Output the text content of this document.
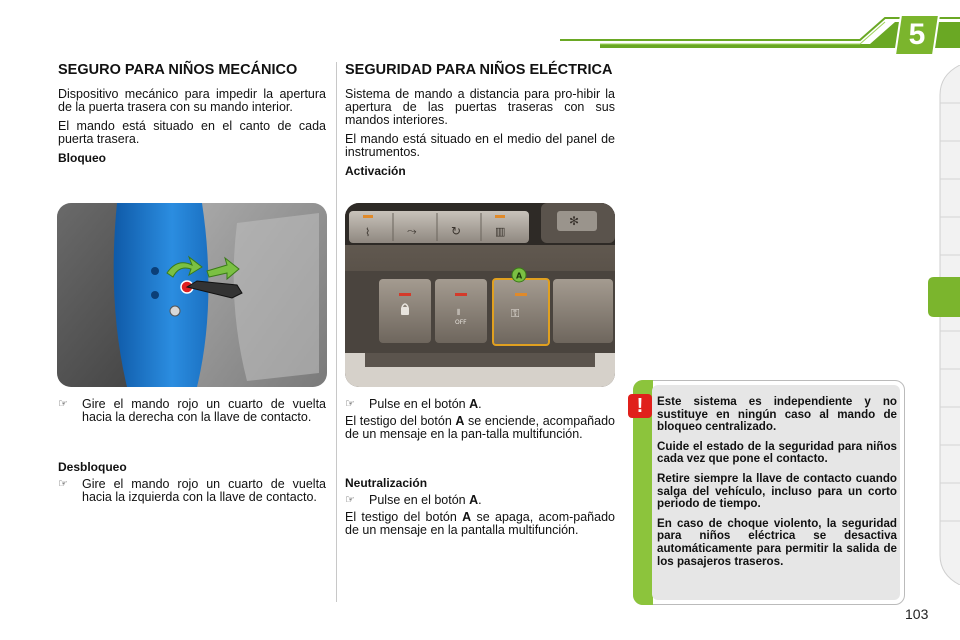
SEGURIDAD de los NIÑOS	5
SEGURO PARA NIÑOS MECÁNICO

Dispositivo mecánico para impedir la apertura de la puerta trasera con su mando interior.

El mando está situado en el canto de cada puerta trasera.

Bloqueo
☞	Gire el mando rojo un cuarto de vuelta hacia la derecha con la llave de contacto.
Desbloqueo
☞	Gire el mando rojo un cuarto de vuelta hacia la izquierda con la llave de contacto.
SEGURIDAD PARA NIÑOS ELÉCTRICA

Sistema de mando a distancia para pro-hibir la apertura de las puertas traseras con sus mandos interiores.

El mando está situado en el medio del panel de instrumentos.

Activación
☞	Pulse en el botón A.

El testigo del botón A se enciende, acompañado de un mensaje en la pan-talla multifunción.

Neutralización
☞	Pulse en el botón A.

El testigo del botón A se apaga, acom-pañado de un mensaje en la pantalla multifunción.

⌇	⤳	↻	▥
✻
⦀
OFF
⚿
A
!	Este sistema es independiente y no sustituye en ningún caso al mando de bloqueo centralizado.

Cuide el estado de la seguridad para niños cada vez que pone el contacto.

Retire siempre la llave de contacto cuando salga del vehículo, incluso para un corto periodo de tiempo.

En caso de choque violento, la seguridad para niños eléctrica se desactiva automáticamente para permitir la salida de los pasajeros traseros.

103
